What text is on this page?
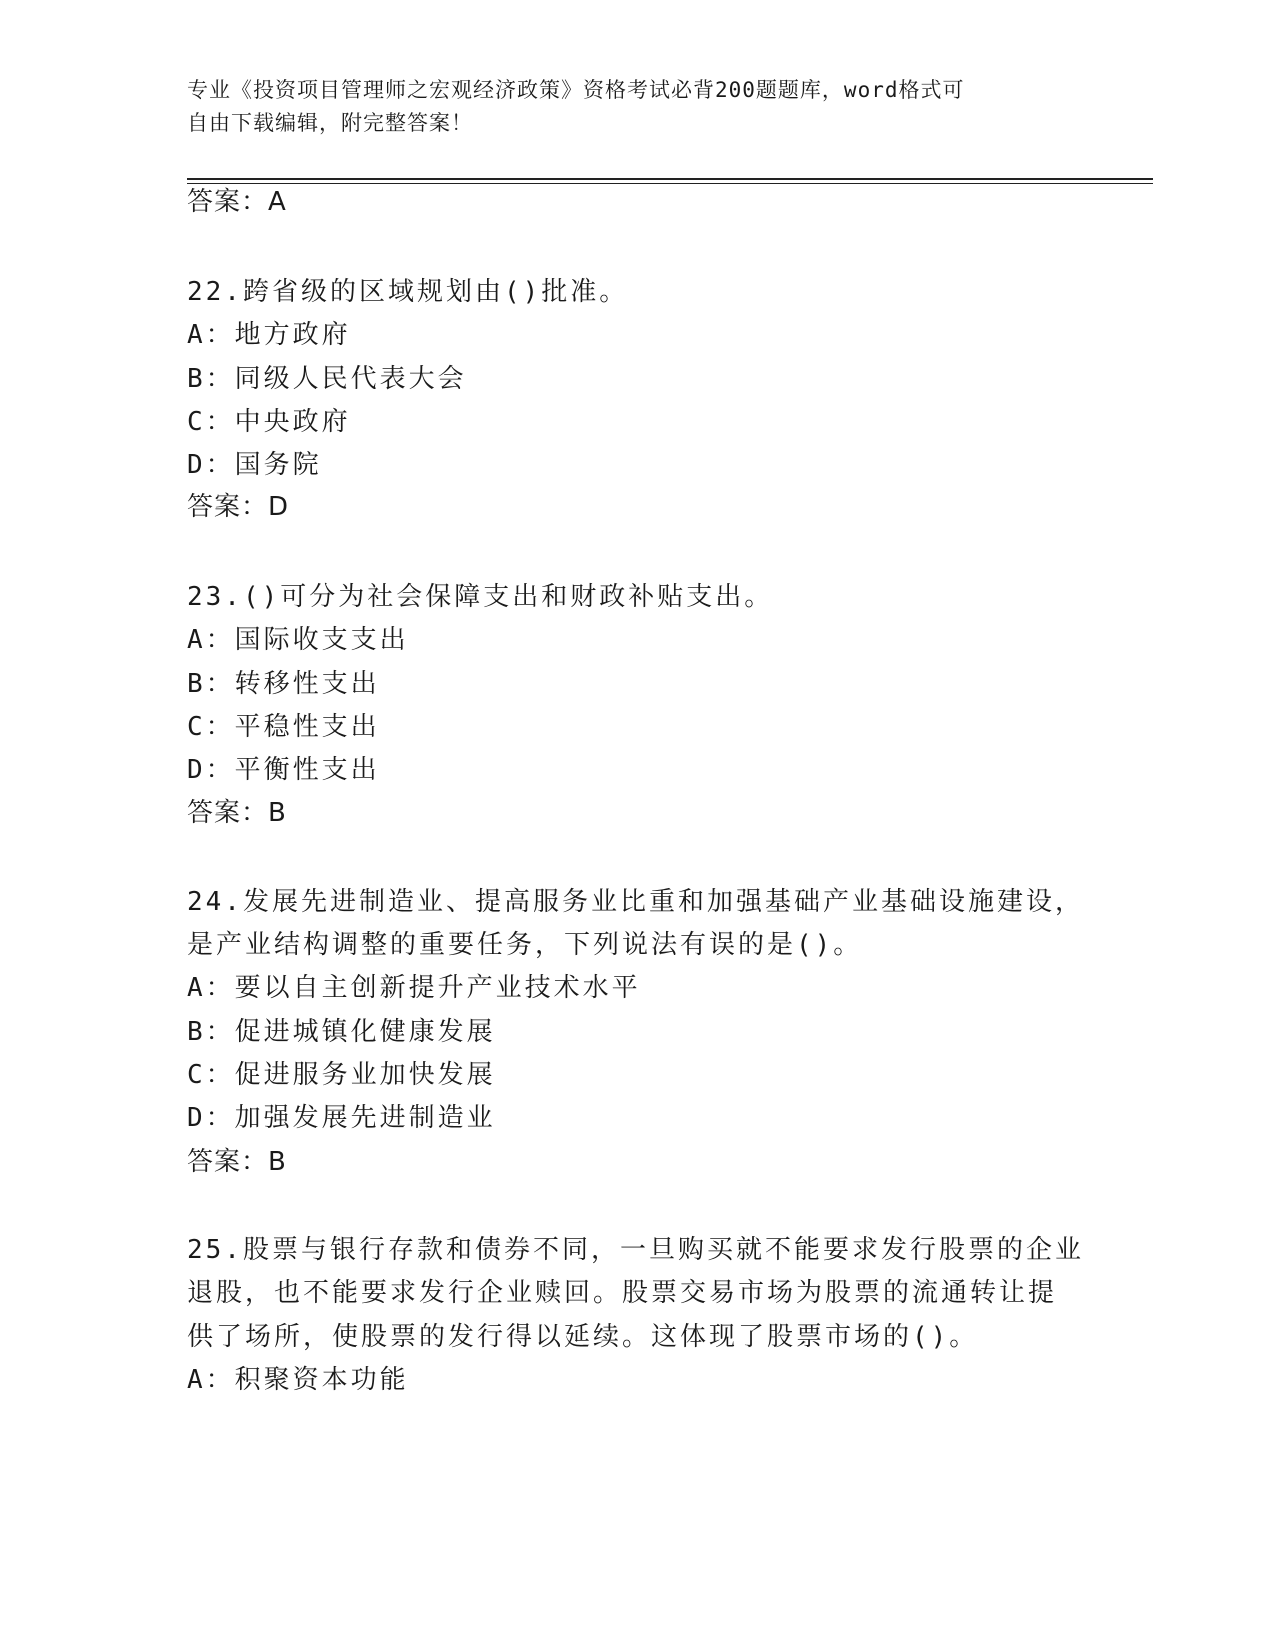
专业《投资项目管理师之宏观经济政策》资格考试必背200题题库，word格式可
自由下载编辑，附完整答案！
答案：A
22.跨省级的区域规划由()批准。
A：地方政府
B：同级人民代表大会
C：中央政府
D：国务院
答案：D
23.()可分为社会保障支出和财政补贴支出。
A：国际收支支出
B：转移性支出
C：平稳性支出
D：平衡性支出
答案：B
24.发展先进制造业、提高服务业比重和加强基础产业基础设施建设，
是产业结构调整的重要任务，下列说法有误的是()。
A：要以自主创新提升产业技术水平
B：促进城镇化健康发展
C：促进服务业加快发展
D：加强发展先进制造业
答案：B
25.股票与银行存款和债券不同，一旦购买就不能要求发行股票的企业
退股，也不能要求发行企业赎回。股票交易市场为股票的流通转让提
供了场所，使股票的发行得以延续。这体现了股票市场的()。
A：积聚资本功能
